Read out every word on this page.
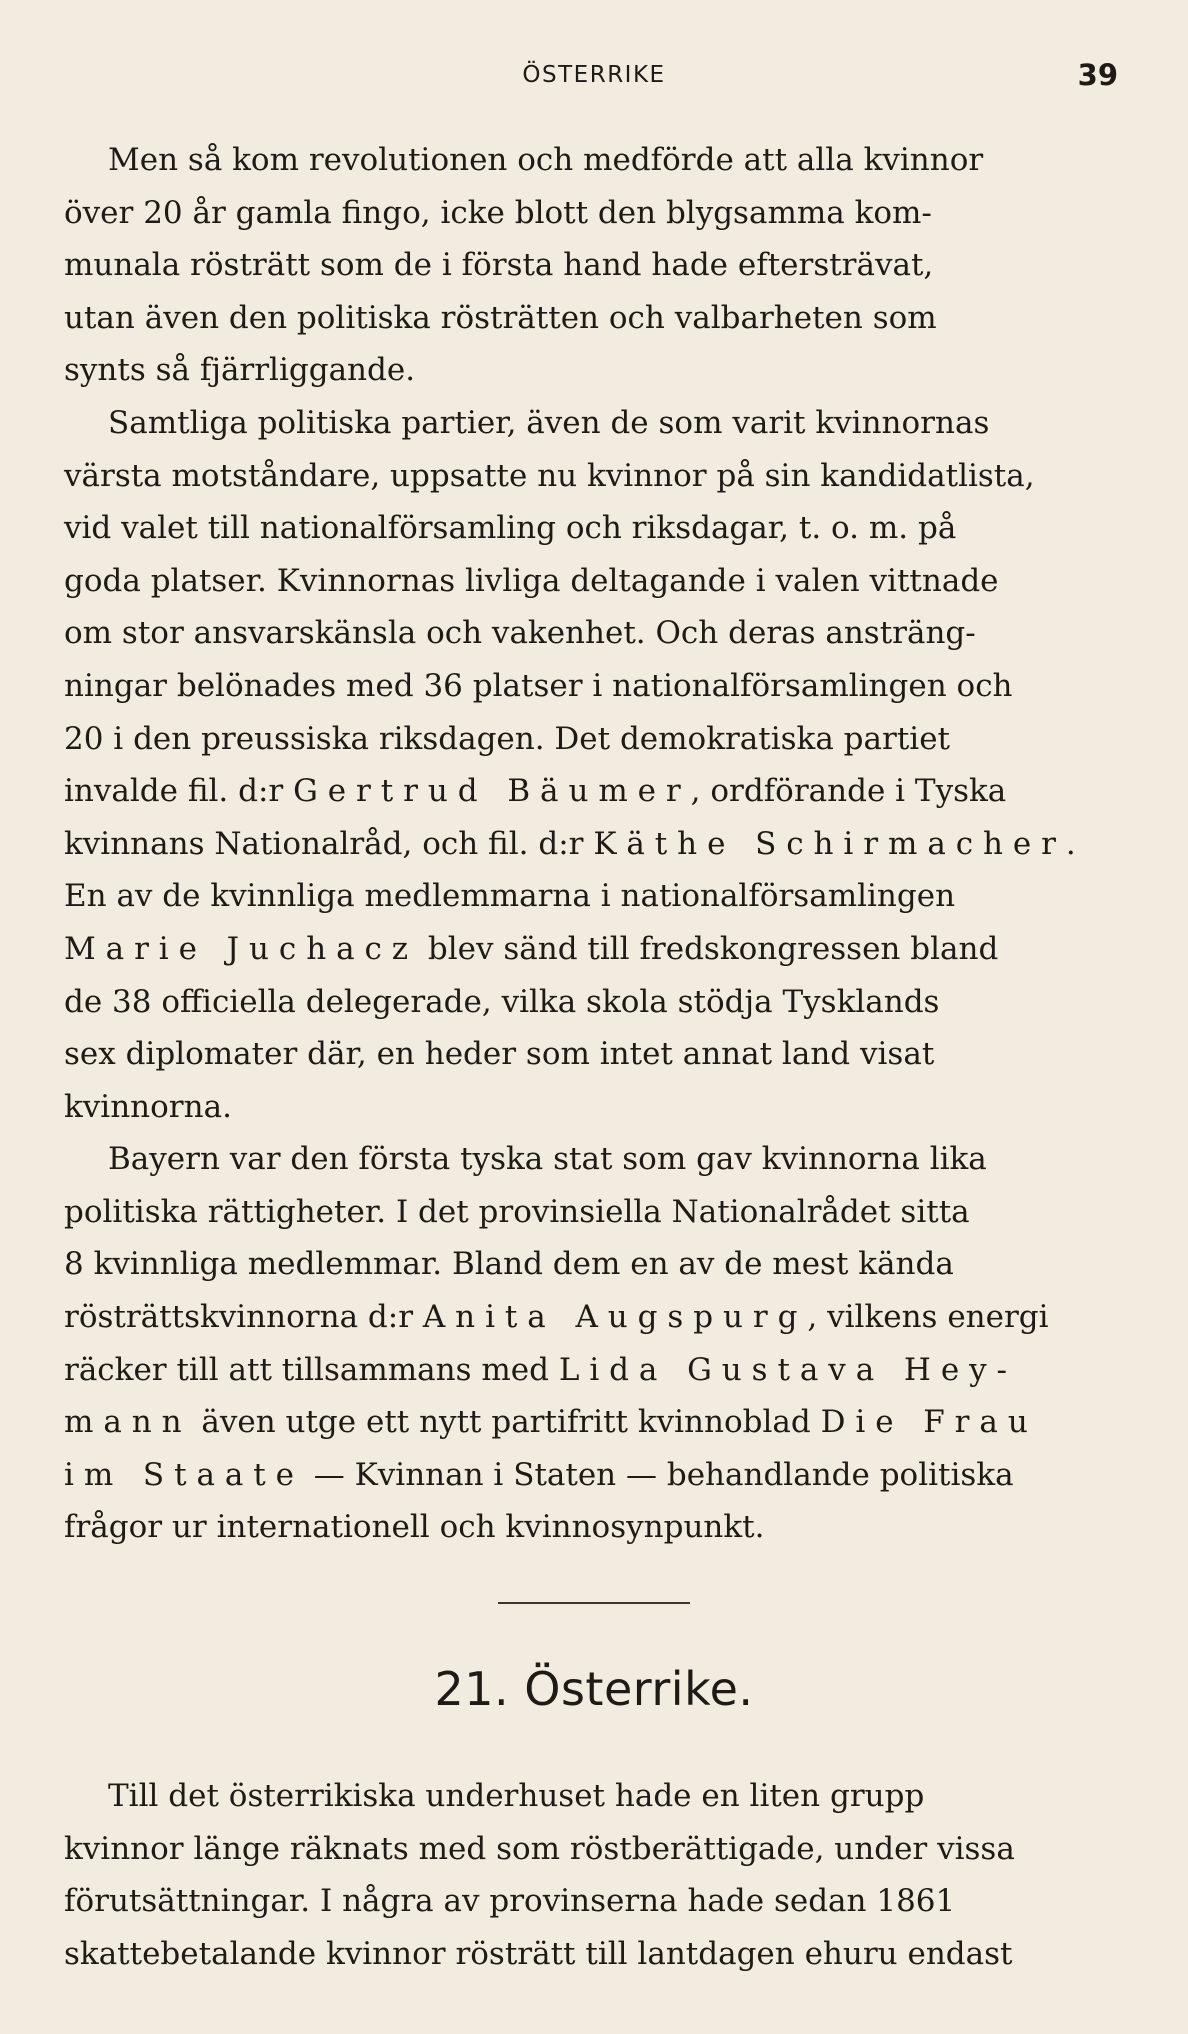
ÖSTERRIKE	39
Men så kom revolutionen och medförde att alla kvinnor
över 20 år gamla fingo, icke blott den blygsamma kom-
munala rösträtt som de i första hand hade eftersträvat,
utan även den politiska rösträtten och valbarheten som
synts så fjärrliggande.
Samtliga politiska partier, även de som varit kvinnornas
värsta motståndare, uppsatte nu kvinnor på sin kandidatlista,
vid valet till nationalförsamling och riksdagar, t. o. m. på
goda platser. Kvinnornas livliga deltagande i valen vittnade
om stor ansvarskänsla och vakenhet. Och deras ansträng-
ningar belönades med 36 platser i nationalförsamlingen och
20 i den preussiska riksdagen. Det demokratiska partiet
invalde fil. d:r Gertrud Bäumer, ordförande i Tyska
kvinnans Nationalråd, och fil. d:r Käthe Schirmacher.
En av de kvinnliga medlemmarna i nationalförsamlingen
Marie Juchacz blev sänd till fredskongressen bland
de 38 officiella delegerade, vilka skola stödja Tysklands
sex diplomater där, en heder som intet annat land visat
kvinnorna.
Bayern var den första tyska stat som gav kvinnorna lika
politiska rättigheter. I det provinsiella Nationalrådet sitta
8 kvinnliga medlemmar. Bland dem en av de mest kända
rösträttskvinnorna d:r Anita Augspurg, vilkens energi
räcker till att tillsammans med Lida Gustava Hey-
mann även utge ett nytt partifritt kvinnoblad Die Frau
im Staate — Kvinnan i Staten — behandlande politiska
frågor ur internationell och kvinnosynpunkt.
21. Österrike.
Till det österrikiska underhuset hade en liten grupp
kvinnor länge räknats med som röstberättigade, under vissa
förutsättningar. I några av provinserna hade sedan 1861
skattebetalande kvinnor rösträtt till lantdagen ehuru endast
